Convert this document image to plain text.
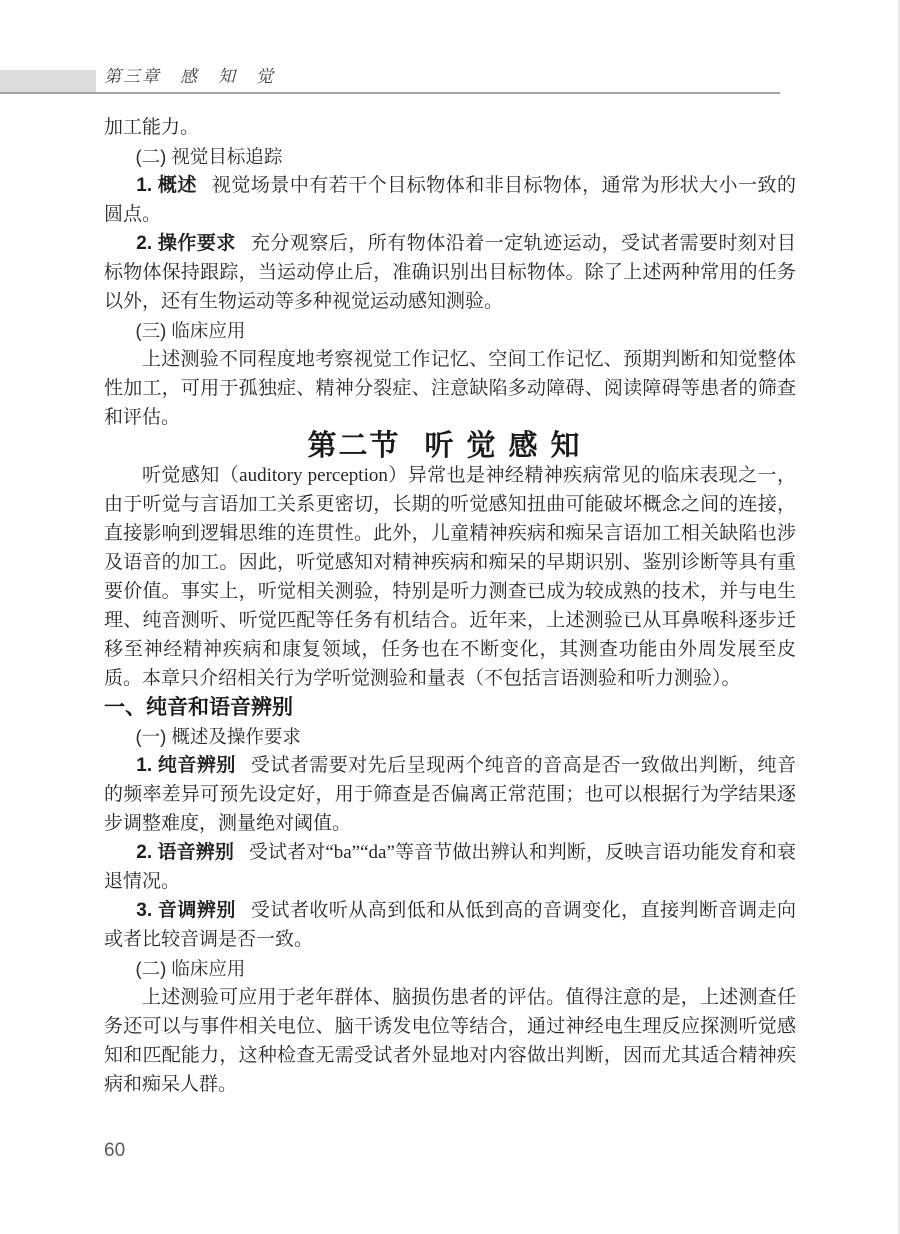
第三章　感　知　觉

加工能力。

(二) 视觉目标追踪

1. 概述 视觉场景中有若干个目标物体和非目标物体，通常为形状大小一致的圆点。

2. 操作要求 充分观察后，所有物体沿着一定轨迹运动，受试者需要时刻对目标物体保持跟踪，当运动停止后，准确识别出目标物体。除了上述两种常用的任务以外，还有生物运动等多种视觉运动感知测验。

(三) 临床应用

上述测验不同程度地考察视觉工作记忆、空间工作记忆、预期判断和知觉整体性加工，可用于孤独症、精神分裂症、注意缺陷多动障碍、阅读障碍等患者的筛查和评估。

第二节 听觉感知

听觉感知（auditory perception）异常也是神经精神疾病常见的临床表现之一，由于听觉与言语加工关系更密切，长期的听觉感知扭曲可能破坏概念之间的连接，直接影响到逻辑思维的连贯性。此外，儿童精神疾病和痴呆言语加工相关缺陷也涉及语音的加工。因此，听觉感知对精神疾病和痴呆的早期识别、鉴别诊断等具有重要价值。事实上，听觉相关测验，特别是听力测查已成为较成熟的技术，并与电生理、纯音测听、听觉匹配等任务有机结合。近年来，上述测验已从耳鼻喉科逐步迁移至神经精神疾病和康复领域，任务也在不断变化，其测查功能由外周发展至皮质。本章只介绍相关行为学听觉测验和量表（不包括言语测验和听力测验）。

一、纯音和语音辨别

(一) 概述及操作要求

1. 纯音辨别 受试者需要对先后呈现两个纯音的音高是否一致做出判断，纯音的频率差异可预先设定好，用于筛查是否偏离正常范围；也可以根据行为学结果逐步调整难度，测量绝对阈值。

2. 语音辨别 受试者对“ba”“da”等音节做出辨认和判断，反映言语功能发育和衰退情况。

3. 音调辨别 受试者收听从高到低和从低到高的音调变化，直接判断音调走向或者比较音调是否一致。

(二) 临床应用

上述测验可应用于老年群体、脑损伤患者的评估。值得注意的是，上述测查任务还可以与事件相关电位、脑干诱发电位等结合，通过神经电生理反应探测听觉感知和匹配能力，这种检查无需受试者外显地对内容做出判断，因而尤其适合精神疾病和痴呆人群。

60
